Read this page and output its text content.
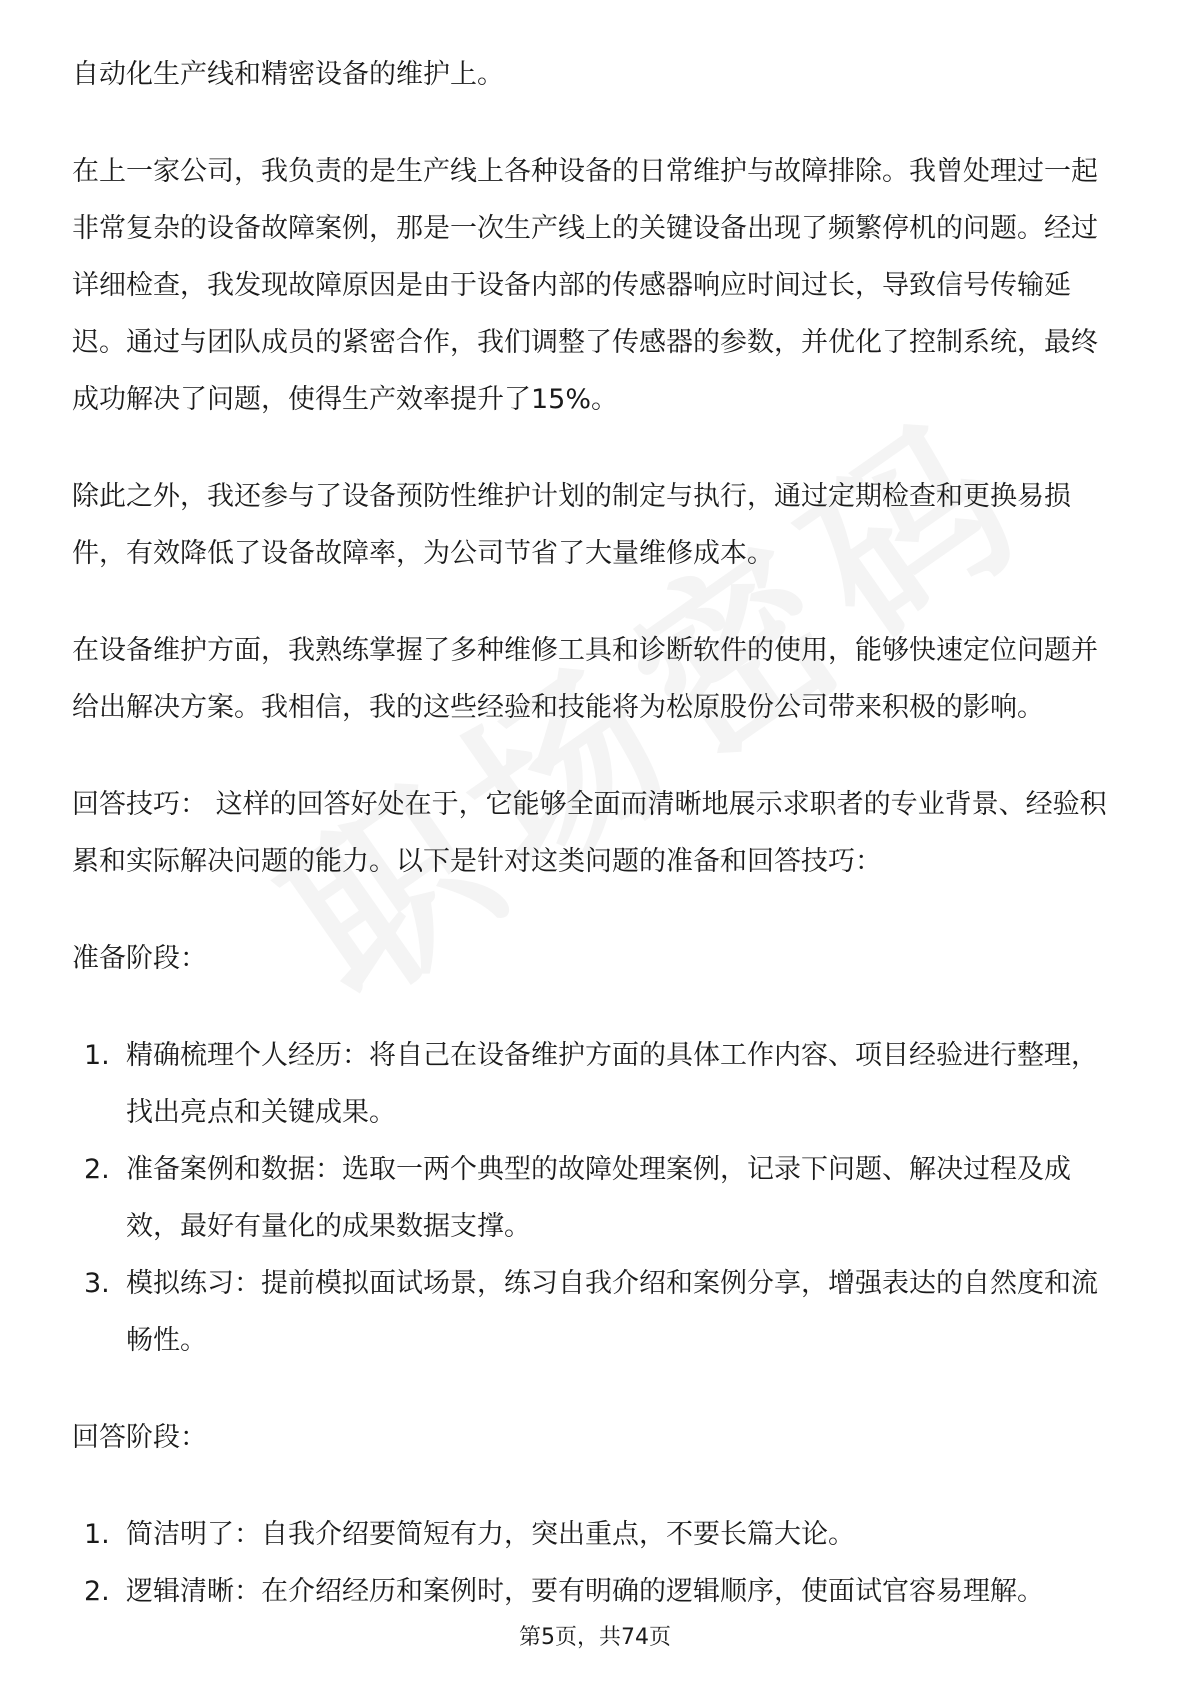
自动化生产线和精密设备的维护上。

在上一家公司，我负责的是生产线上各种设备的日常维护与故障排除。我曾处理过一起非常复杂的设备故障案例，那是一次生产线上的关键设备出现了频繁停机的问题。经过详细检查，我发现故障原因是由于设备内部的传感器响应时间过长，导致信号传输延迟。通过与团队成员的紧密合作，我们调整了传感器的参数，并优化了控制系统，最终成功解决了问题，使得生产效率提升了15%。

除此之外，我还参与了设备预防性维护计划的制定与执行，通过定期检查和更换易损件，有效降低了设备故障率，为公司节省了大量维修成本。

在设备维护方面，我熟练掌握了多种维修工具和诊断软件的使用，能够快速定位问题并给出解决方案。我相信，我的这些经验和技能将为松原股份公司带来积极的影响。

回答技巧： 这样的回答好处在于，它能够全面而清晰地展示求职者的专业背景、经验积累和实际解决问题的能力。以下是针对这类问题的准备和回答技巧：

准备阶段：

1. 精确梳理个人经历：将自己在设备维护方面的具体工作内容、项目经验进行整理，找出亮点和关键成果。
2. 准备案例和数据：选取一两个典型的故障处理案例，记录下问题、解决过程及成效，最好有量化的成果数据支撑。
3. 模拟练习：提前模拟面试场景，练习自我介绍和案例分享，增强表达的自然度和流畅性。

回答阶段：

1. 简洁明了：自我介绍要简短有力，突出重点，不要长篇大论。
2. 逻辑清晰：在介绍经历和案例时，要有明确的逻辑顺序，使面试官容易理解。
第5页，共74页
